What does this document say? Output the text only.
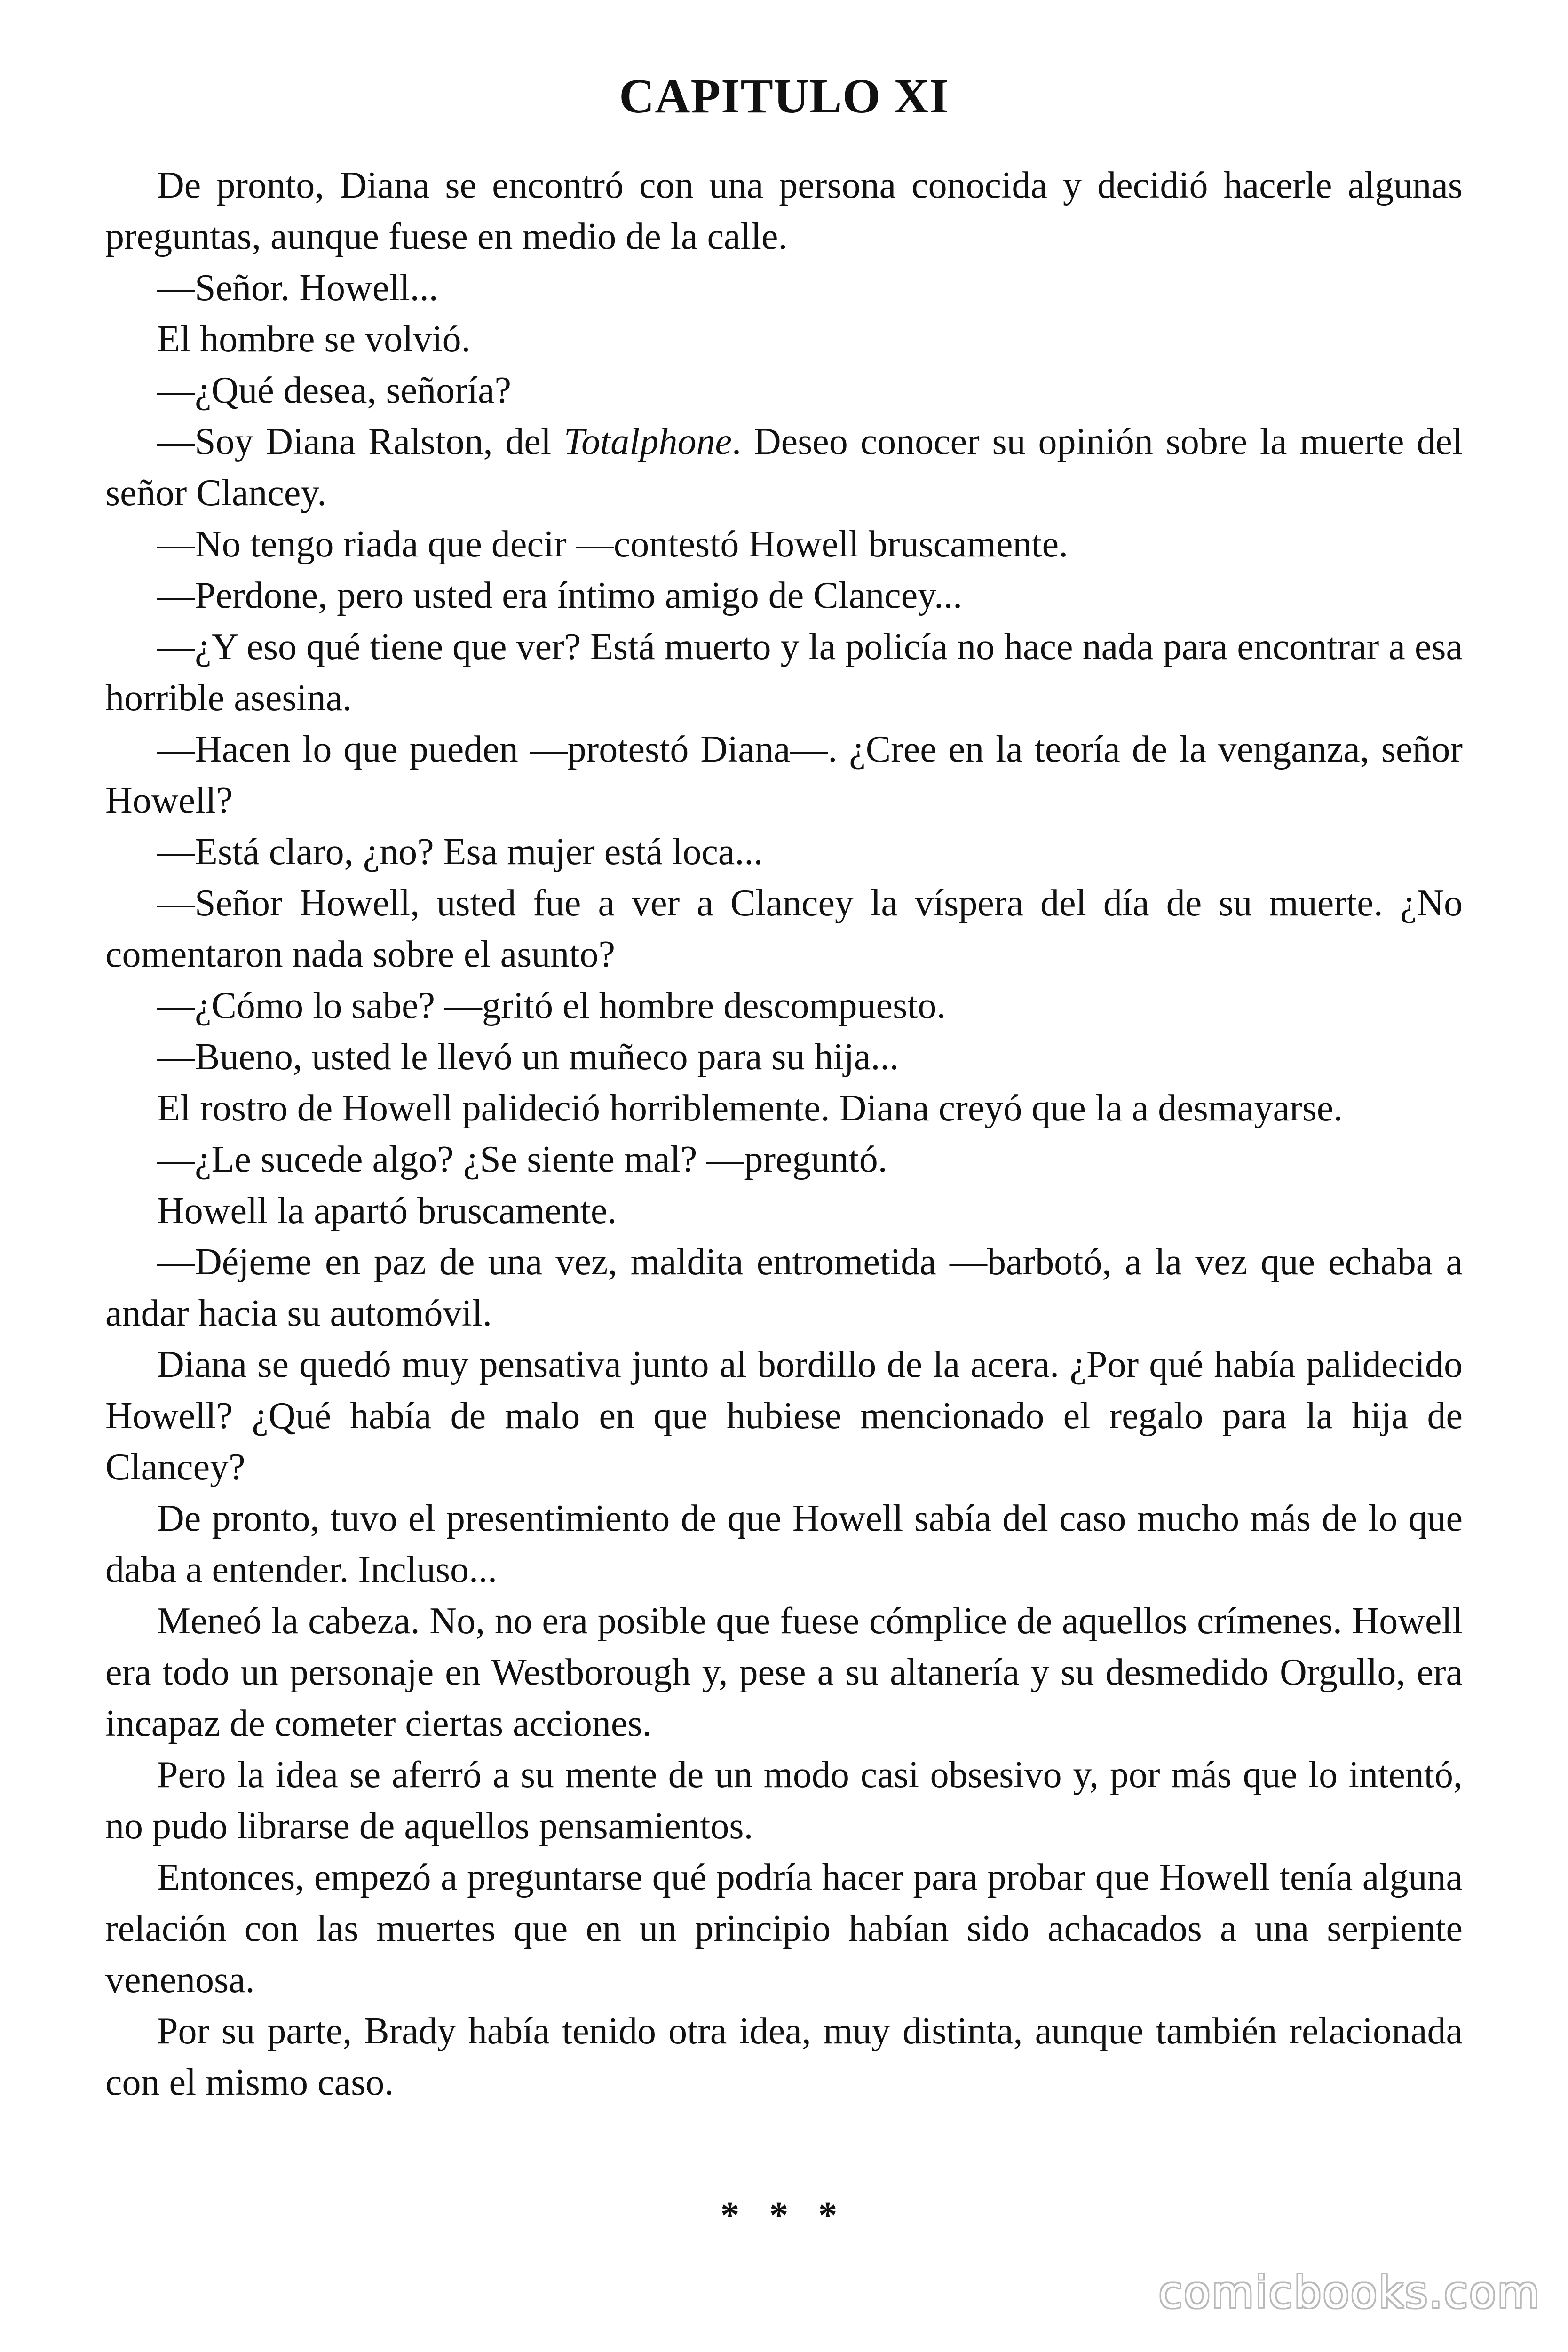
CAPITULO XI

De pronto, Diana se encontró con una persona conocida y decidió hacerle algunas preguntas, aunque fuese en medio de la calle.

—Señor. Howell...

El hombre se volvió.

—¿Qué desea, señoría?

—Soy Diana Ralston, del Totalphone. Deseo conocer su opinión sobre la muerte del señor Clancey.

—No tengo riada que decir —contestó Howell bruscamente.

—Perdone, pero usted era íntimo amigo de Clancey...

—¿Y eso qué tiene que ver? Está muerto y la policía no hace nada para encontrar a esa horrible asesina.

—Hacen lo que pueden —protestó Diana—. ¿Cree en la teoría de la venganza, señor Howell?

—Está claro, ¿no? Esa mujer está loca...

—Señor Howell, usted fue a ver a Clancey la víspera del día de su muerte. ¿No comentaron nada sobre el asunto?

—¿Cómo lo sabe? —gritó el hombre descompuesto.

—Bueno, usted le llevó un muñeco para su hija...

El rostro de Howell palideció horriblemente. Diana creyó que la a desmayarse.

—¿Le sucede algo? ¿Se siente mal? —preguntó.

Howell la apartó bruscamente.

—Déjeme en paz de una vez, maldita entrometida —barbotó, a la vez que echaba a andar hacia su automóvil.

Diana se quedó muy pensativa junto al bordillo de la acera. ¿Por qué había palidecido Howell? ¿Qué había de malo en que hubiese mencionado el regalo para la hija de Clancey?

De pronto, tuvo el presentimiento de que Howell sabía del caso mucho más de lo que daba a entender. Incluso...

Meneó la cabeza. No, no era posible que fuese cómplice de aquellos crímenes. Howell era todo un personaje en Westborough y, pese a su altanería y su desmedido Orgullo, era incapaz de cometer ciertas acciones.

Pero la idea se aferró a su mente de un modo casi obsesivo y, por más que lo intentó, no pudo librarse de aquellos pensamientos.

Entonces, empezó a preguntarse qué podría hacer para probar que Howell tenía alguna relación con las muertes que en un principio habían sido achacados a una serpiente venenosa.

Por su parte, Brady había tenido otra idea, muy distinta, aunque también relacionada con el mismo caso.

* * *
comicbooks.com
